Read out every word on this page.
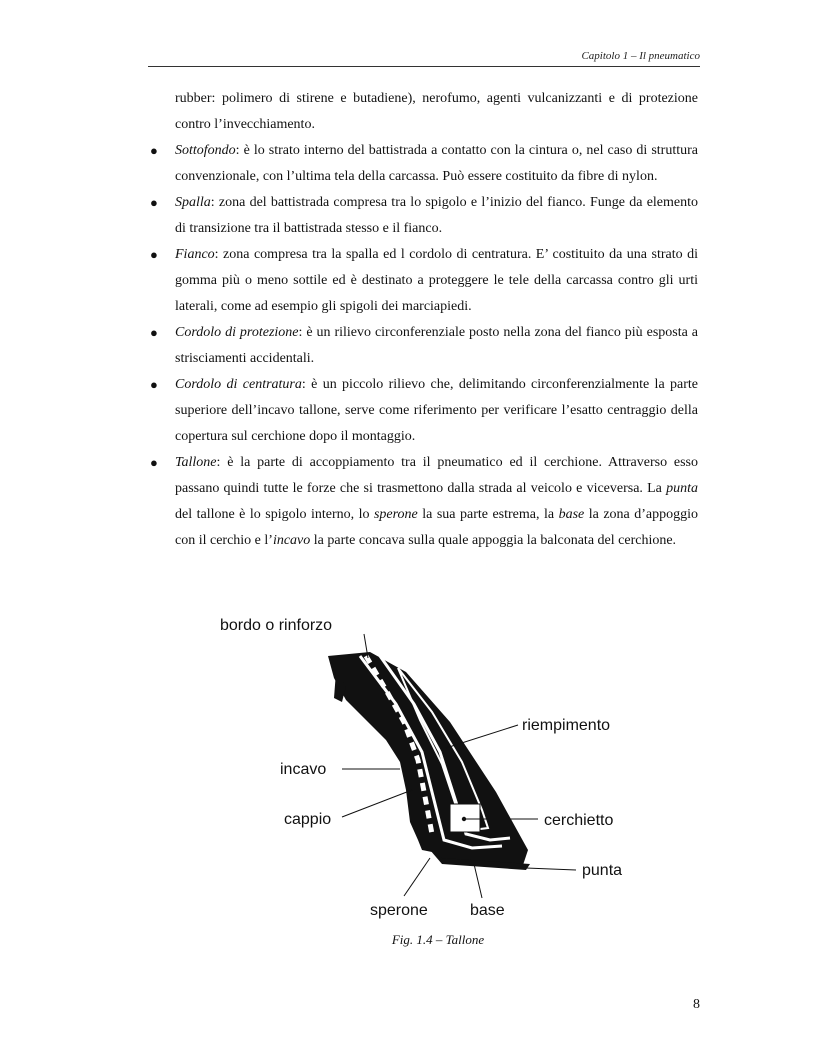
Capitolo 1 – Il pneumatico

rubber: polimero di stirene e butadiene), nerofumo, agenti vulcanizzanti e di protezione contro l’invecchiamento.

● Sottofondo: è lo strato interno del battistrada a contatto con la cintura o, nel caso di struttura convenzionale, con l’ultima tela della carcassa. Può essere costituito da fibre di nylon.
● Spalla: zona del battistrada compresa tra lo spigolo e l’inizio del fianco. Funge da elemento di transizione tra il battistrada stesso e il fianco.
● Fianco: zona compresa tra la spalla ed l cordolo di centratura. E’ costituito da una strato di gomma più o meno sottile ed è destinato a proteggere le tele della carcassa contro gli urti laterali, come ad esempio gli spigoli dei marciapiedi.
● Cordolo di protezione: è un rilievo circonferenziale posto nella zona del fianco più esposta a strisciamenti accidentali.
● Cordolo di centratura: è un piccolo rilievo che, delimitando circonferenzialmente la parte superiore dell’incavo tallone, serve come riferimento per verificare l’esatto centraggio della copertura sul cerchione dopo il montaggio.
● Tallone: è la parte di accoppiamento tra il pneumatico ed il cerchione. Attraverso esso passano quindi tutte le forze che si trasmettono dalla strada al veicolo e viceversa. La punta del tallone è lo spigolo interno, lo sperone la sua parte estrema, la base la zona d’appoggio con il cerchio e l’incavo la parte concava sulla quale appoggia la balconata del cerchione.
bordo o rinforzo
riempimento
incavo
cappio	cerchietto
punta
sperone	base
Fig. 1.4 – Tallone
8
